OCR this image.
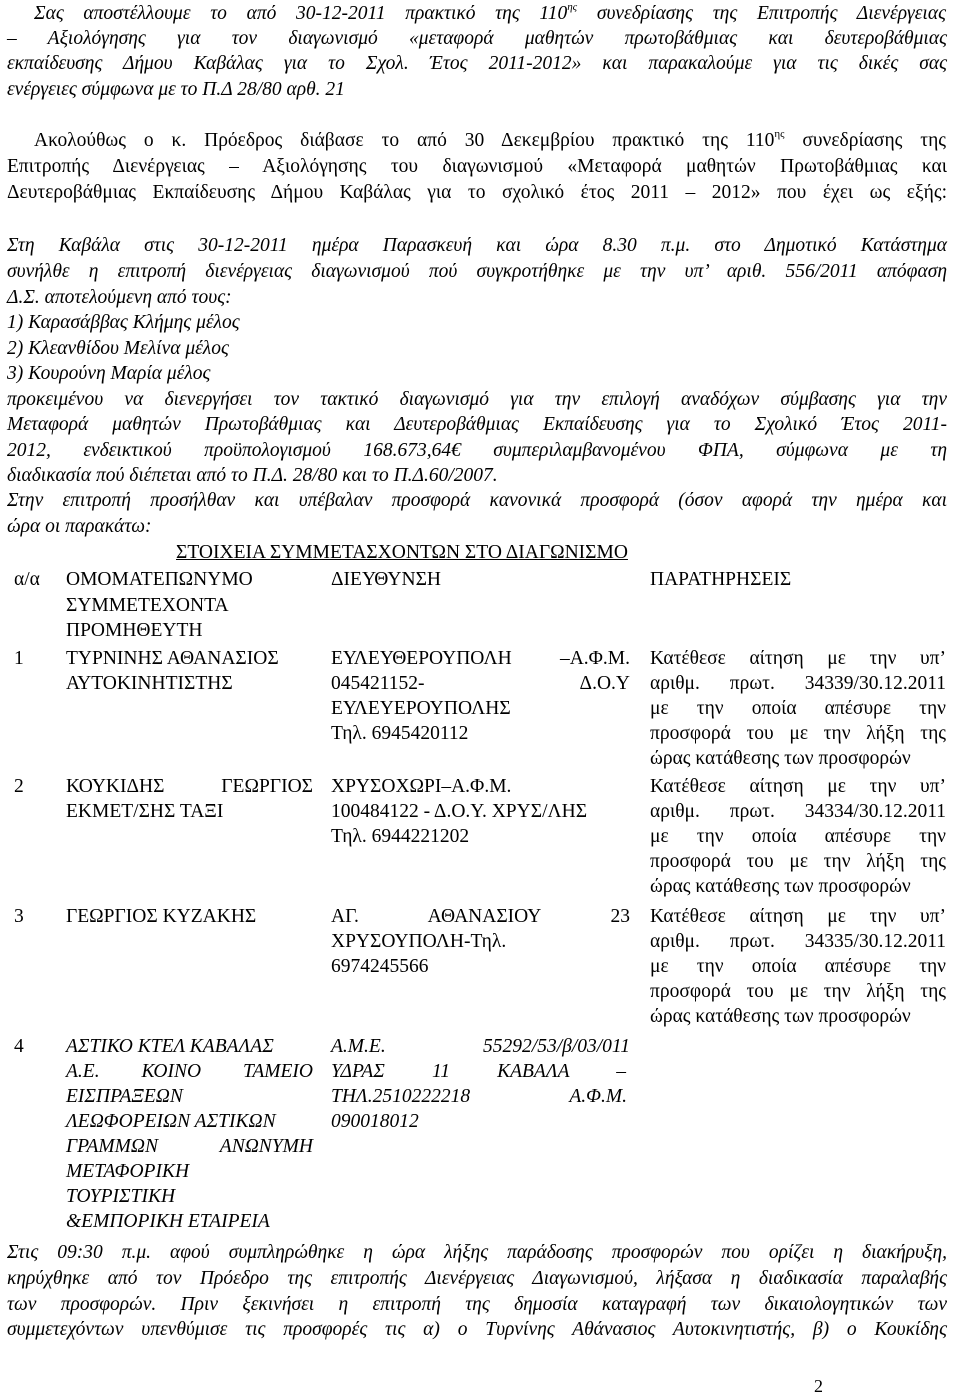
Σας αποστέλλουμε το από 30-12-2011 πρακτικό της $110^{\eta\varsigma}$ συνεδρίασης της Επιτροπής Διενέργειας

– Αξιολόγησης για τον διαγωνισμό «μεταφορά μαθητών πρωτοβάθμιας και δευτεροβάθμιας

εκπαίδευσης Δήμου Καβάλας για το Σχολ. Έτος 2011-2012» και παρακαλούμε για τις δικές σας

ενέργειες σύμφωνα με το Π.Δ 28/80 αρθ. 21

Ακολούθως ο κ. Πρόεδρος διάβασε το από 30 Δεκεμβρίου πρακτικό της $110^{\eta\varsigma}$ συνεδρίασης της

Επιτροπής Διενέργειας – Αξιολόγησης του διαγωνισμού «Μεταφορά μαθητών Πρωτοβάθμιας και

Δευτεροβάθμιας Εκπαίδευσης Δήμου Καβάλας για το σχολικό έτος 2011 – 2012» που έχει ως εξής:

Στη Καβάλα στις 30-12-2011 ημέρα Παρασκευή και ώρα 8.30 π.μ. στο Δημοτικό Κατάστημα

συνήλθε η επιτροπή διενέργειας διαγωνισμού πού συγκροτήθηκε με την υπ’ αριθ. 556/2011 απόφαση

Δ.Σ. αποτελούμενη από τους:

1) Καρασάββας Κλήμης μέλος

2) Κλεανθίδου Μελίνα μέλος

3) Κουρούνη Μαρία μέλος

προκειμένου να διενεργήσει τον τακτικό διαγωνισμό για την επιλογή αναδόχων σύμβασης για την

Μεταφορά μαθητών Πρωτοβάθμιας και Δευτεροβάθμιας Εκπαίδευσης για το Σχολικό Έτος 2011-

2012, ενδεικτικού προϋπολογισμού 168.673,64€ συμπεριλαμβανομένου ΦΠΑ, σύμφωνα με τη

διαδικασία πού διέπεται από το Π.Δ. 28/80 και το Π.Δ.60/2007.

Στην επιτροπή προσήλθαν και υπέβαλαν προσφορά κανονικά προσφορά (όσον αφορά την ημέρα και

ώρα οι παρακάτω:

ΣΤΟΙΧΕΙΑ ΣΥΜΜΕΤΑΣΧΟΝΤΩΝ ΣΤΟ ΔΙΑΓΩΝΙΣΜΟ

α/α ΟΜΟΜΑΤΕΠΩΝΥΜΟ

ΣΥΜΜΕΤΕΧΟΝΤΑ

ΠΡΟΜΗΘΕΥΤΗ

ΔΙΕΥΘΥΝΣΗ	ΠΑΡΑΤΗΡΗΣΕΙΣ

1 ΤΥΡΝΙΝΗΣ ΑΘΑΝΑΣΙΟΣ

ΑΥΤΟΚΙΝΗΤΙΣΤΗΣ

ΕΥΛΕΥΘΕΡΟΥΠΟΛΗ –Α.Φ.Μ.

045421152- Δ.Ο.Υ

ΕΥΛΕΥΕΡΟΥΠΟΛΗΣ

Τηλ. 6945420112

Κατέθεσε αίτηση με την υπ’

αριθμ. πρωτ. 34339/30.12.2011

με την οποία απέσυρε την

προσφορά του με την λήξη της

ώρας κατάθεσης των προσφορών

2 ΚΟΥΚΙΔΗΣ ΓΕΩΡΓΙΟΣ

ΕΚΜΕΤ/ΣΗΣ ΤΑΞΙ

ΧΡΥΣΟΧΩΡΙ–Α.Φ.Μ.

100484122 - Δ.Ο.Υ. ΧΡΥΣ/ΛΗΣ

Τηλ. 6944221202

Κατέθεσε αίτηση με την υπ’

αριθμ. πρωτ. 34334/30.12.2011

με την οποία απέσυρε την

προσφορά του με την λήξη της

ώρας κατάθεσης των προσφορών

3 ΓΕΩΡΓΙΟΣ ΚΥΖΑΚΗΣ	ΑΓ. ΑΘΑΝΑΣΙΟΥ 23

ΧΡΥΣΟΥΠΟΛΗ-Τηλ.

6974245566

Κατέθεσε αίτηση με την υπ’

αριθμ. πρωτ. 34335/30.12.2011

με την οποία απέσυρε την

προσφορά του με την λήξη της

ώρας κατάθεσης των προσφορών

4 ΑΣΤΙΚΟ ΚΤΕΛ ΚΑΒΑΛΑΣ

Α.Ε. ΚΟΙΝΟ ΤΑΜΕΙΟ

ΕΙΣΠΡΑΞΕΩΝ

ΛΕΩΦΟΡΕΙΩΝ ΑΣΤΙΚΩΝ

ΓΡΑΜΜΩΝ ΑΝΩΝΥΜΗ

ΜΕΤΑΦΟΡΙΚΗ

ΤΟΥΡΙΣΤΙΚΗ

&ΕΜΠΟΡΙΚΗ ΕΤΑΙΡΕΙΑ

Α.Μ.Ε. 55292/53/β/03/011

ΥΔΡΑΣ 11 ΚΑΒΑΛΑ –

ΤΗΛ.2510222218 Α.Φ.Μ.

090018012

Στις 09:30 π.μ. αφού συμπληρώθηκε η ώρα λήξης παράδοσης προσφορών που ορίζει η διακήρυξη,

κηρύχθηκε από τον Πρόεδρο της επιτροπής Διενέργειας Διαγωνισμού, λήξασα η διαδικασία παραλαβής

των προσφορών. Πριν ξεκινήσει η επιτροπή της δημοσία καταγραφή των δικαιολογητικών των

συμμετεχόντων υπενθύμισε τις προσφορές τις α) ο Τυρνίνης Αθάνασιος Αυτοκινητιστής, β) ο Κουκίδης

2
